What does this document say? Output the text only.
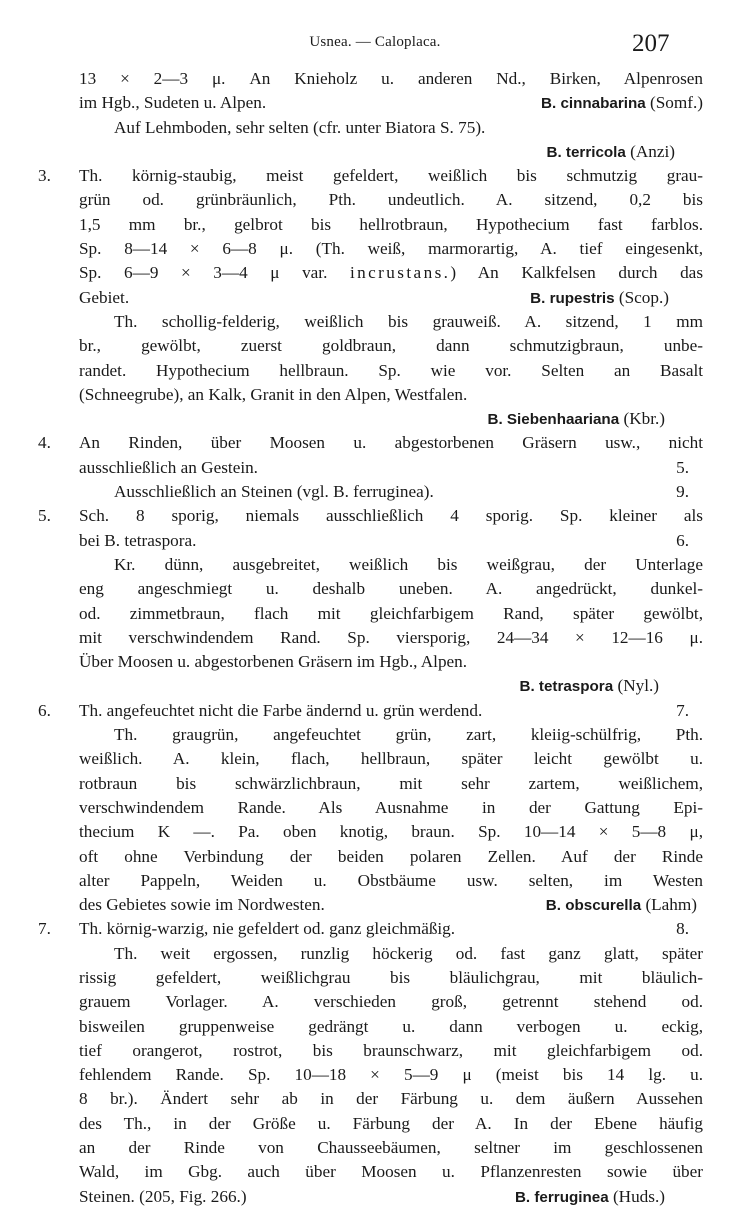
Usnea. — Caloplaca.	207
13 × 2—3 μ. An Knieholz u. anderen Nd., Birken, Alpenrosen
im Hgb., Sudeten u. Alpen.	B. cinnabarina (Somf.)
Auf Lehmboden, sehr selten (cfr. unter Biatora S. 75).
B. terricola (Anzi)
3.	Th. körnig-staubig, meist gefeldert, weißlich bis schmutzig grau-
grün od. grünbräunlich, Pth. undeutlich. A. sitzend, 0,2 bis
1,5 mm br., gelbrot bis hellrotbraun, Hypothecium fast farblos.
Sp. 8—14 × 6—8 μ. (Th. weiß, marmorartig, A. tief eingesenkt,
Sp. 6—9 × 3—4 μ var. incrustans.) An Kalkfelsen durch das
Gebiet.	B. rupestris (Scop.)
Th. schollig-felderig, weißlich bis grauweiß. A. sitzend, 1 mm
br., gewölbt, zuerst goldbraun, dann schmutzigbraun, unbe-
randet. Hypothecium hellbraun. Sp. wie vor. Selten an Basalt
(Schneegrube), an Kalk, Granit in den Alpen, Westfalen.
B. Siebenhaariana (Kbr.)
4.	An Rinden, über Moosen u. abgestorbenen Gräsern usw., nicht
ausschließlich an Gestein.	5.
Ausschließlich an Steinen (vgl. B. ferruginea).	9.
5.	Sch. 8 sporig, niemals ausschließlich 4 sporig. Sp. kleiner als
bei B. tetraspora.	6.
Kr. dünn, ausgebreitet, weißlich bis weißgrau, der Unterlage
eng angeschmiegt u. deshalb uneben. A. angedrückt, dunkel-
od. zimmetbraun, flach mit gleichfarbigem Rand, später gewölbt,
mit verschwindendem Rand. Sp. viersporig, 24—34 × 12—16 μ.
Über Moosen u. abgestorbenen Gräsern im Hgb., Alpen.
B. tetraspora (Nyl.)
6.	Th. angefeuchtet nicht die Farbe ändernd u. grün werdend.	7.
Th. graugrün, angefeuchtet grün, zart, kleiig-schülfrig, Pth.
weißlich. A. klein, flach, hellbraun, später leicht gewölbt u.
rotbraun bis schwärzlichbraun, mit sehr zartem, weißlichem,
verschwindendem Rande. Als Ausnahme in der Gattung Epi-
thecium K —. Pa. oben knotig, braun. Sp. 10—14 × 5—8 μ,
oft ohne Verbindung der beiden polaren Zellen. Auf der Rinde
alter Pappeln, Weiden u. Obstbäume usw. selten, im Westen
des Gebietes sowie im Nordwesten.	B. obscurella (Lahm)
7.	Th. körnig-warzig, nie gefeldert od. ganz gleichmäßig.	8.
Th. weit ergossen, runzlig höckerig od. fast ganz glatt, später
rissig gefeldert, weißlichgrau bis bläulichgrau, mit bläulich-
grauem Vorlager. A. verschieden groß, getrennt stehend od.
bisweilen gruppenweise gedrängt u. dann verbogen u. eckig,
tief orangerot, rostrot, bis braunschwarz, mit gleichfarbigem od.
fehlendem Rande. Sp. 10—18 × 5—9 μ (meist bis 14 lg. u.
8 br.). Ändert sehr ab in der Färbung u. dem äußern Aussehen
des Th., in der Größe u. Färbung der A. In der Ebene häufig
an der Rinde von Chausseebäumen, seltner im geschlossenen
Wald, im Gbg. auch über Moosen u. Pflanzenresten sowie über
Steinen. (205, Fig. 266.)	B. ferruginea (Huds.)
